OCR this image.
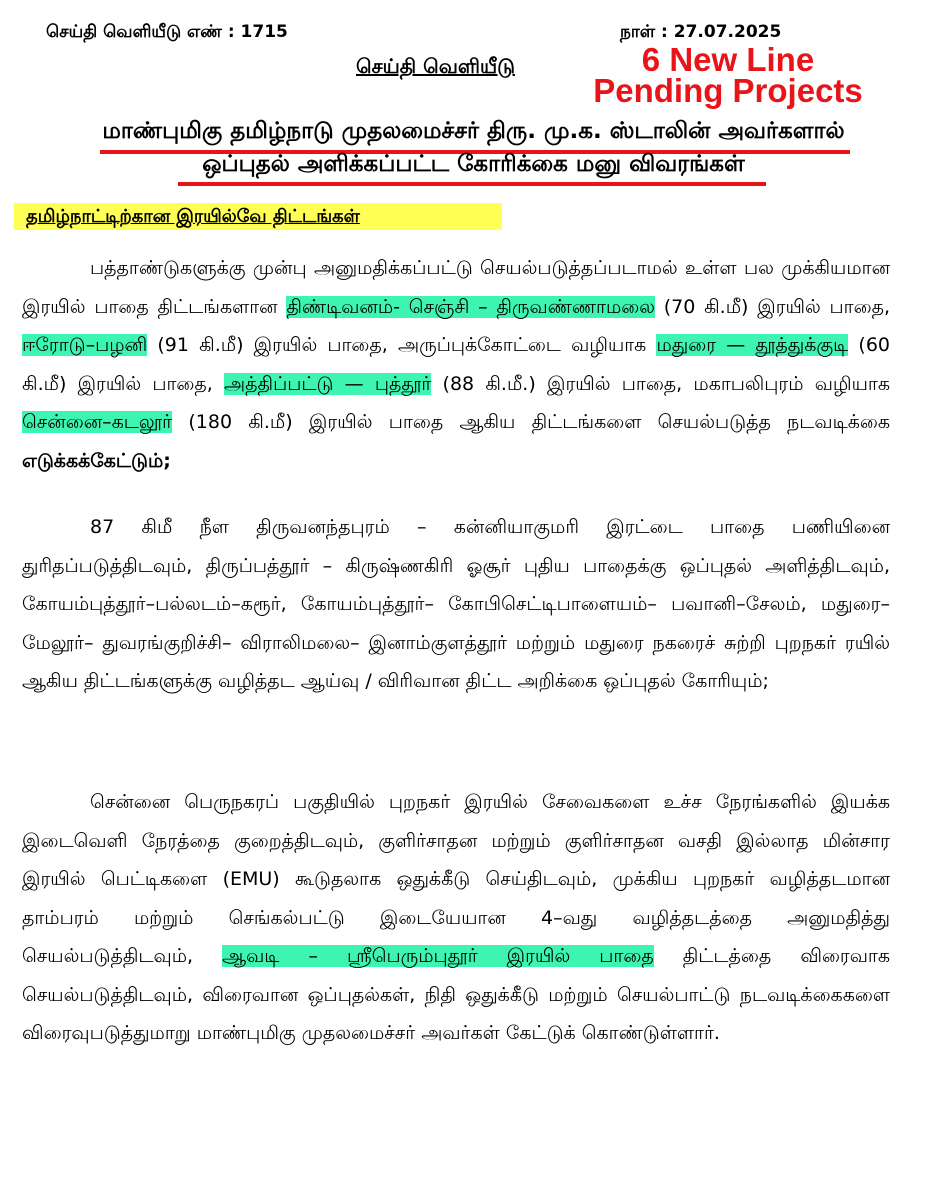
செய்தி வெளியீடு எண் : 1715	நாள் : 27.07.2025
செய்தி வெளியீடு	6 New Line
Pending Projects
மாண்புமிகு தமிழ்நாடு முதலமைச்சர் திரு. மு.க. ஸ்டாலின் அவர்களால்
ஒப்புதல் அளிக்கப்பட்ட கோரிக்கை மனு விவரங்கள்
தமிழ்நாட்டிற்கான இரயில்வே திட்டங்கள்
பத்தாண்டுகளுக்கு முன்பு அனுமதிக்கப்பட்டு செயல்படுத்தப்படாமல் உள்ள பல முக்கியமான இரயில் பாதை திட்டங்களான திண்டிவனம்- செஞ்சி – திருவண்ணாமலை (70 கி.மீ) இரயில் பாதை, ஈரோடு–பழனி (91 கி.மீ) இரயில் பாதை, அருப்புக்கோட்டை வழியாக மதுரை — தூத்துக்குடி (60 கி.மீ) இரயில் பாதை, அத்திப்பட்டு — புத்தூர் (88 கி.மீ.) இரயில் பாதை, மகாபலிபுரம் வழியாக சென்னை–கடலூர் (180 கி.மீ) இரயில் பாதை ஆகிய திட்டங்களை செயல்படுத்த நடவடிக்கை எடுக்கக்கேட்டும்;
87 கிமீ நீள திருவனந்தபுரம் – கன்னியாகுமரி இரட்டை பாதை பணியினை துரிதப்படுத்திடவும், திருப்பத்தூர் – கிருஷ்ணகிரி ஓசூர் புதிய பாதைக்கு ஒப்புதல் அளித்திடவும், கோயம்புத்தூர்–பல்லடம்–கரூர், கோயம்புத்தூர்– கோபிசெட்டிபாளையம்– பவானி–சேலம், மதுரை– மேலூர்– துவரங்குறிச்சி– விராலிமலை– இனாம்குளத்தூர் மற்றும் மதுரை நகரைச் சுற்றி புறநகர் ரயில் ஆகிய திட்டங்களுக்கு வழித்தட ஆய்வு / விரிவான திட்ட அறிக்கை ஒப்புதல் கோரியும்;
சென்னை பெருநகரப் பகுதியில் புறநகர் இரயில் சேவைகளை உச்ச நேரங்களில் இயக்க இடைவெளி நேரத்தை குறைத்திடவும், குளிர்சாதன மற்றும் குளிர்சாதன வசதி இல்லாத மின்சார இரயில் பெட்டிகளை (EMU) கூடுதலாக ஒதுக்கீடு செய்திடவும், முக்கிய புறநகர் வழித்தடமான தாம்பரம் மற்றும் செங்கல்பட்டு இடையேயான 4–வது வழித்தடத்தை அனுமதித்து செயல்படுத்திடவும், ஆவடி – ஸ்ரீபெரும்புதூர் இரயில் பாதை திட்டத்தை விரைவாக செயல்படுத்திடவும், விரைவான ஒப்புதல்கள், நிதி ஒதுக்கீடு மற்றும் செயல்பாட்டு நடவடிக்கைகளை விரைவுபடுத்துமாறு மாண்புமிகு முதலமைச்சர் அவர்கள் கேட்டுக் கொண்டுள்ளார்.
